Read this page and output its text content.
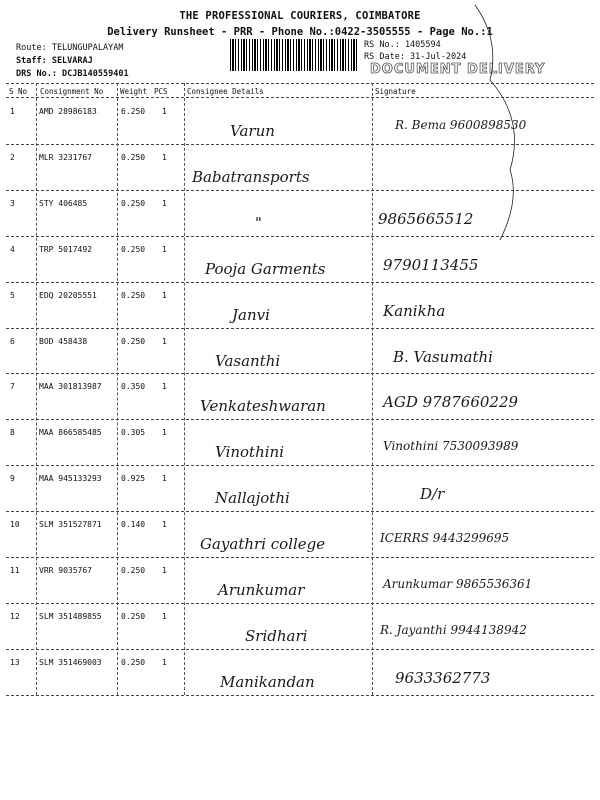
THE PROFESSIONAL COURIERS, COIMBATORE
Delivery Runsheet - PRR - Phone No.:0422-3505555 - Page No.:1
Route: TELUNGUPALAYAM
Staff: SELVARAJ
DRS No.: DCJB140559401
RS No.: 1405594
RS Date: 31-Jul-2024
DOCUMENT DELIVERY
S No Consignment No Weight PCS	Consignee Details	Signature
1	AMD 28986183	6.250 1
Varun	R. Bema 9600898530
2	MLR 3231767	0.250 1
Babatransports
3	STY 406485	0.250 1
"	9865665512
4	TRP 5017492	0.250 1
Pooja Garments	9790113455
5	EDQ 20205551	0.250 1
Janvi	Kanikha
6	BOD 458438	0.250 1
Vasanthi	B. Vasumathi
7	MAA 301813987 0.350 1
Venkateshwaran	AGD 9787660229
8	MAA 866585485 0.305 1
Vinothini	Vinothini 7530093989
9	MAA 945133293 0.925 1
Nallajothi	D/r
10 SLM 351527871 0.140 1
Gayathri college	ICERRS 9443299695
11 VRR 9035767	0.250 1
Arunkumar	Arunkumar 9865536361
12 SLM 351489855 0.250 1
Sridhari	R. Jayanthi 9944138942
13 SLM 351469003 0.250 1
Manikandan	9633362773
